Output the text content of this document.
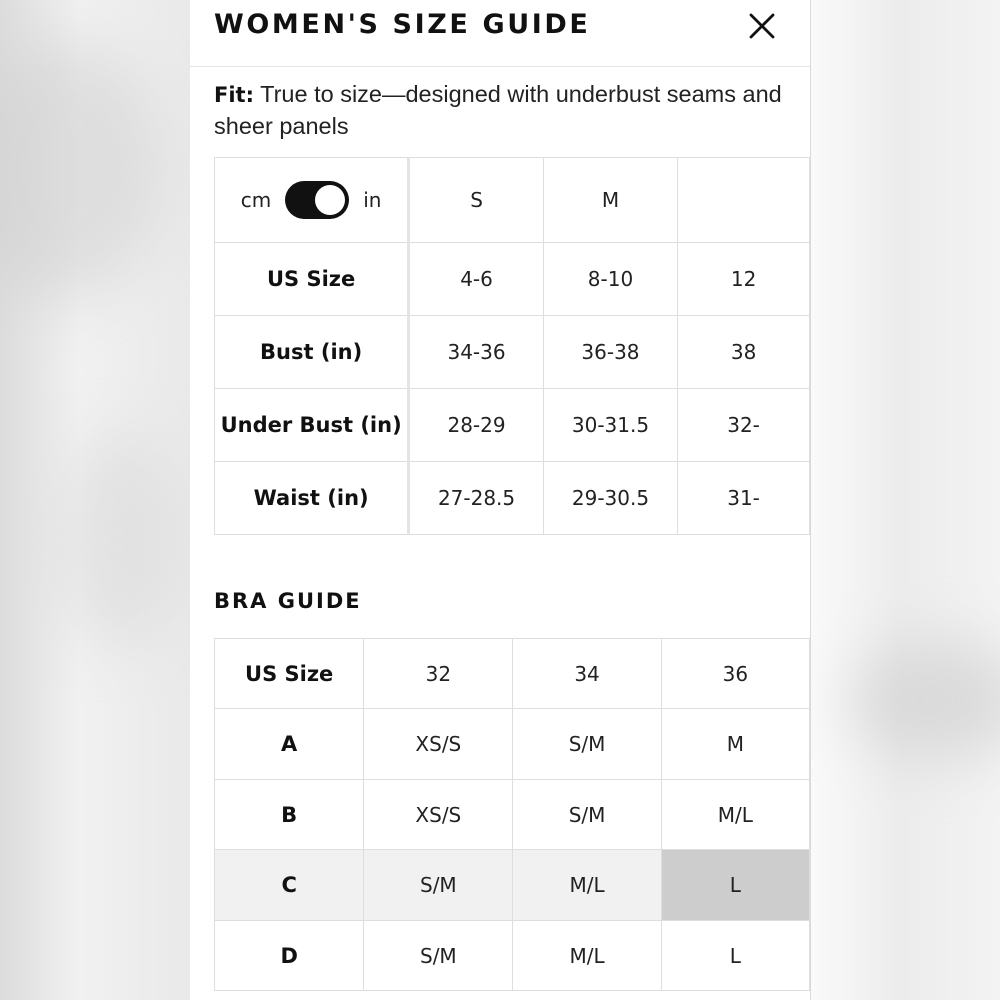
WOMEN'S SIZE GUIDE
Fit: True to size—designed with underbust seams and sheer panels
cm in	S	M	
US Size	4-6	8-10	12
Bust (in)	34-36	36-38	38
Under Bust (in)	28-29	30-31.5	32-
Waist (in)	27-28.5	29-30.5	31-
BRA GUIDE
US Size	32	34	36
A	XS/S	S/M	M
B	XS/S	S/M	M/L
C	S/M	M/L	L
D	S/M	M/L	L
